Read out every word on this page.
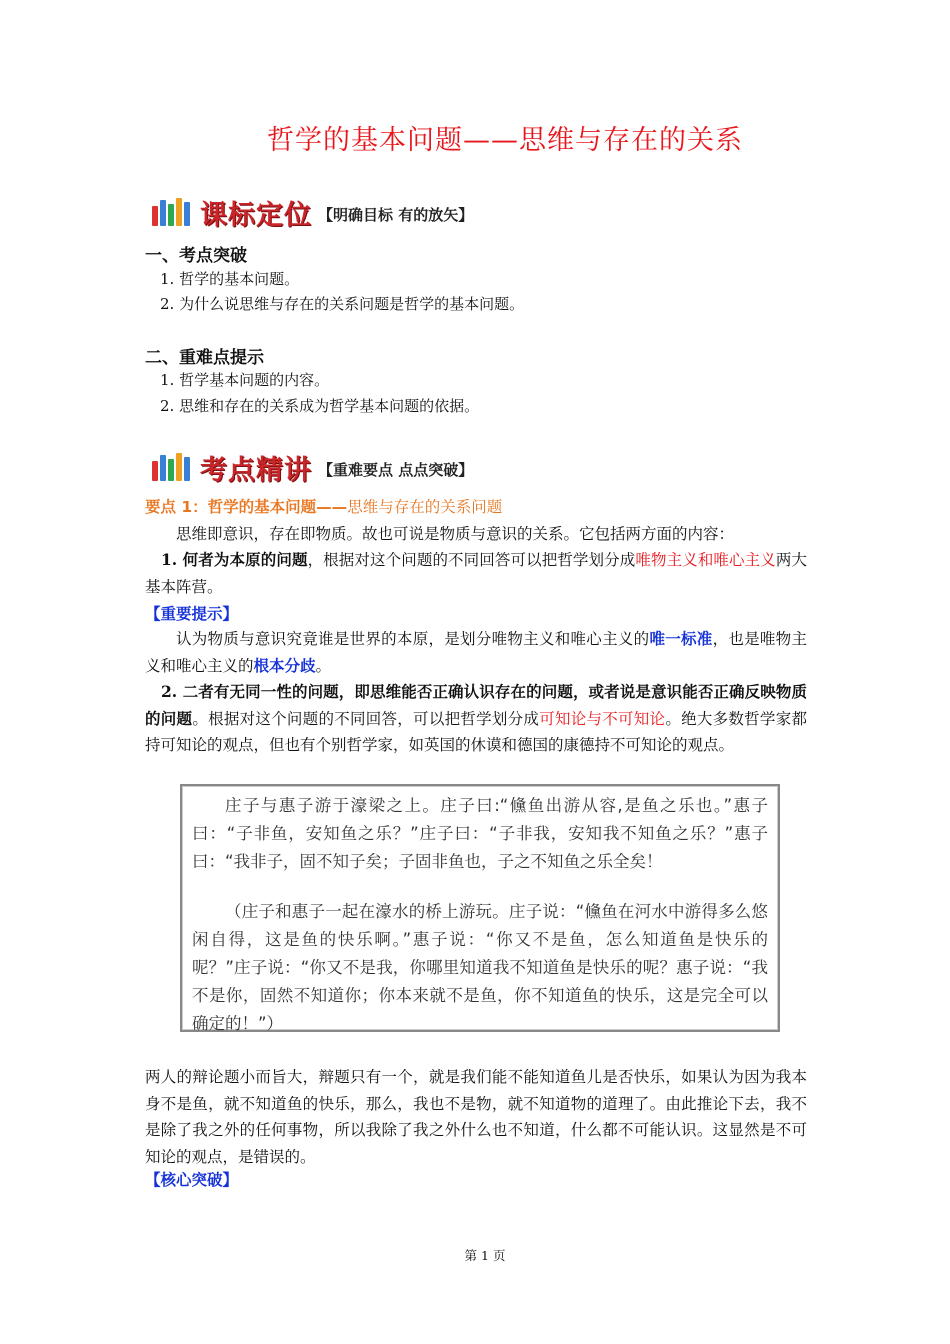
哲学的基本问题——思维与存在的关系
课标定位 【明确目标 有的放矢】
一、考点突破
1. 哲学的基本问题。
2. 为什么说思维与存在的关系问题是哲学的基本问题。
二、重难点提示
1. 哲学基本问题的内容。
2. 思维和存在的关系成为哲学基本问题的依据。
考点精讲 【重难要点 点点突破】
要点 1：哲学的基本问题——思维与存在的关系问题
思维即意识，存在即物质。故也可说是物质与意识的关系。它包括两方面的内容：
1. 何者为本原的问题，根据对这个问题的不同回答可以把哲学划分成唯物主义和唯心主义两大基本阵营。
【重要提示】
认为物质与意识究竟谁是世界的本原，是划分唯物主义和唯心主义的唯一标准，也是唯物主义和唯心主义的根本分歧。
2. 二者有无同一性的问题，即思维能否正确认识存在的问题，或者说是意识能否正确反映物质的问题。根据对这个问题的不同回答，可以把哲学划分成可知论与不可知论。绝大多数哲学家都持可知论的观点，但也有个别哲学家，如英国的休谟和德国的康德持不可知论的观点。

庄子与惠子游于濠梁之上。庄子曰:“儵鱼出游从容,是鱼之乐也。”惠子曰：“子非鱼，安知鱼之乐？”庄子曰：“子非我，安知我不知鱼之乐？”惠子曰：“我非子，固不知子矣；子固非鱼也，子之不知鱼之乐全矣！

（庄子和惠子一起在濠水的桥上游玩。庄子说：“儵鱼在河水中游得多么悠闲自得，这是鱼的快乐啊。”惠子说：“你又不是鱼，怎么知道鱼是快乐的呢？”庄子说：“你又不是我，你哪里知道我不知道鱼是快乐的呢？惠子说：“我不是你，固然不知道你；你本来就不是鱼，你不知道鱼的快乐，这是完全可以确定的！”）

两人的辩论题小而旨大，辩题只有一个，就是我们能不能知道鱼儿是否快乐，如果认为因为我本身不是鱼，就不知道鱼的快乐，那么，我也不是物，就不知道物的道理了。由此推论下去，我不是除了我之外的任何事物，所以我除了我之外什么也不知道，什么都不可能认识。这显然是不可知论的观点，是错误的。
【核心突破】
第 1 页
